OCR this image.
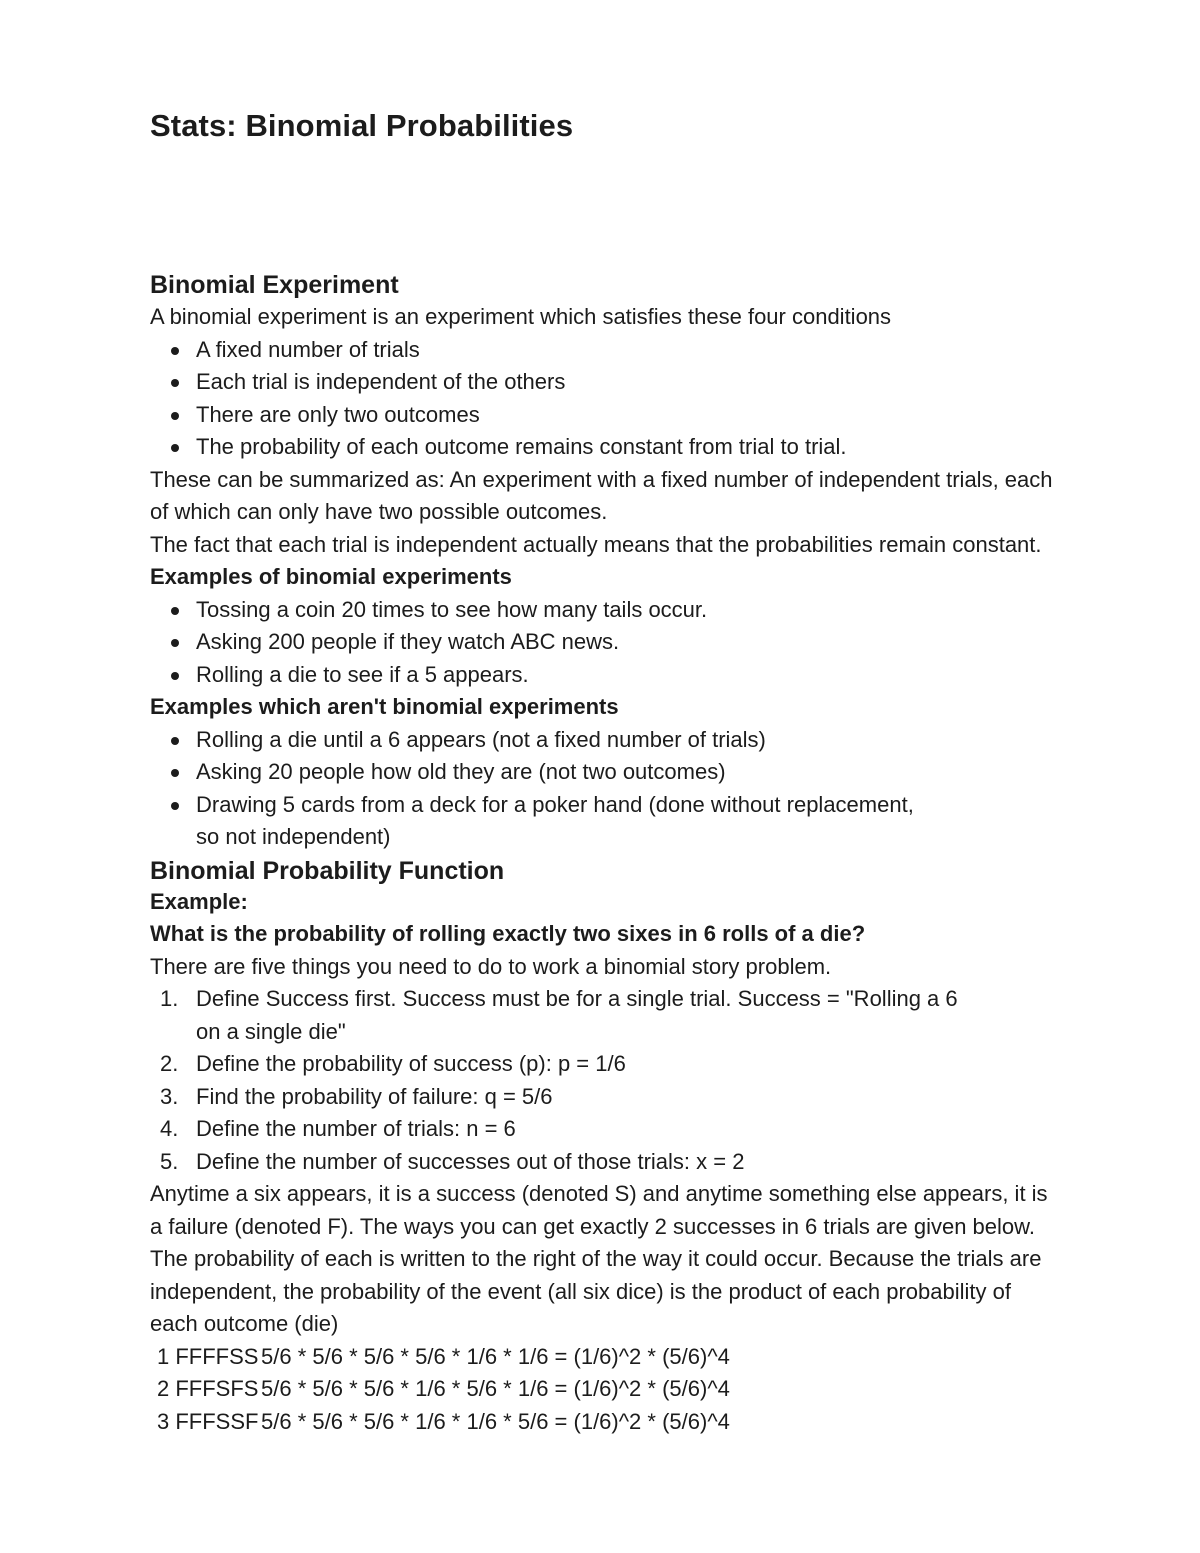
Stats: Binomial Probabilities
Binomial Experiment

A binomial experiment is an experiment which satisfies these four conditions

A fixed number of trials
Each trial is independent of the others
There are only two outcomes
The probability of each outcome remains constant from trial to trial.

These can be summarized as: An experiment with a fixed number of independent trials, each of which can only have two possible outcomes.

The fact that each trial is independent actually means that the probabilities remain constant.

Examples of binomial experiments

Tossing a coin 20 times to see how many tails occur.
Asking 200 people if they watch ABC news.
Rolling a die to see if a 5 appears.

Examples which aren't binomial experiments

Rolling a die until a 6 appears (not a fixed number of trials)
Asking 20 people how old they are (not two outcomes)
Drawing 5 cards from a deck for a poker hand (done without replacement, so not independent)
Binomial Probability Function

Example:

What is the probability of rolling exactly two sixes in 6 rolls of a die?

There are five things you need to do to work a binomial story problem.

1. Define Success first. Success must be for a single trial. Success = "Rolling a 6 on a single die"
2. Define the probability of success (p): p = 1/6
3. Find the probability of failure: q = 5/6
4. Define the number of trials: n = 6
5. Define the number of successes out of those trials: x = 2

Anytime a six appears, it is a success (denoted S) and anytime something else appears, it is a failure (denoted F). The ways you can get exactly 2 successes in 6 trials are given below. The probability of each is written to the right of the way it could occur. Because the trials are independent, the probability of the event (all six dice) is the product of each probability of each outcome (die)

1 FFFFSS 5/6 * 5/6 * 5/6 * 5/6 * 1/6 * 1/6 = (1/6)^2 * (5/6)^4
2 FFFSFS 5/6 * 5/6 * 5/6 * 1/6 * 5/6 * 1/6 = (1/6)^2 * (5/6)^4
3 FFFSSF 5/6 * 5/6 * 5/6 * 1/6 * 1/6 * 5/6 = (1/6)^2 * (5/6)^4
